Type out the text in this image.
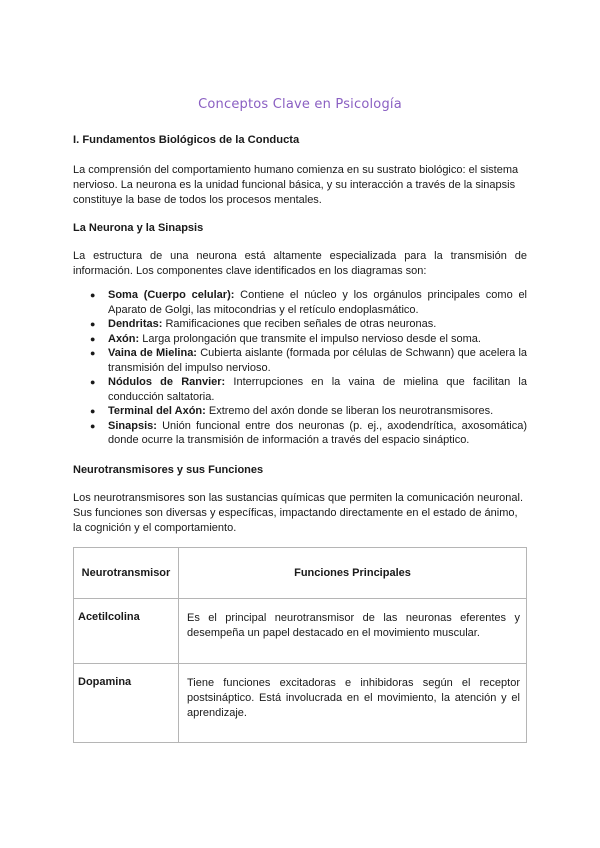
Conceptos Clave en Psicología
I. Fundamentos Biológicos de la Conducta
La comprensión del comportamiento humano comienza en su sustrato biológico: el sistema nervioso. La neurona es la unidad funcional básica, y su interacción a través de la sinapsis constituye la base de todos los procesos mentales.
La Neurona y la Sinapsis
La estructura de una neurona está altamente especializada para la transmisión de información. Los componentes clave identificados en los diagramas son:
● Soma (Cuerpo celular): Contiene el núcleo y los orgánulos principales como el Aparato de Golgi, las mitocondrias y el retículo endoplasmático.
● Dendritas: Ramificaciones que reciben señales de otras neuronas.
● Axón: Larga prolongación que transmite el impulso nervioso desde el soma.
● Vaina de Mielina: Cubierta aislante (formada por células de Schwann) que acelera la transmisión del impulso nervioso.
● Nódulos de Ranvier: Interrupciones en la vaina de mielina que facilitan la conducción saltatoria.
● Terminal del Axón: Extremo del axón donde se liberan los neurotransmisores.
● Sinapsis: Unión funcional entre dos neuronas (p. ej., axodendrítica, axosomática) donde ocurre la transmisión de información a través del espacio sináptico.
Neurotransmisores y sus Funciones
Los neurotransmisores son las sustancias químicas que permiten la comunicación neuronal. Sus funciones son diversas y específicas, impactando directamente en el estado de ánimo, la cognición y el comportamiento.
Neurotransmisor	Funciones Principales
Acetilcolina	Es el principal neurotransmisor de las neuronas eferentes y desempeña un papel destacado en el movimiento muscular.
Dopamina	Tiene funciones excitadoras e inhibidoras según el receptor postsináptico. Está involucrada en el movimiento, la atención y el aprendizaje.
